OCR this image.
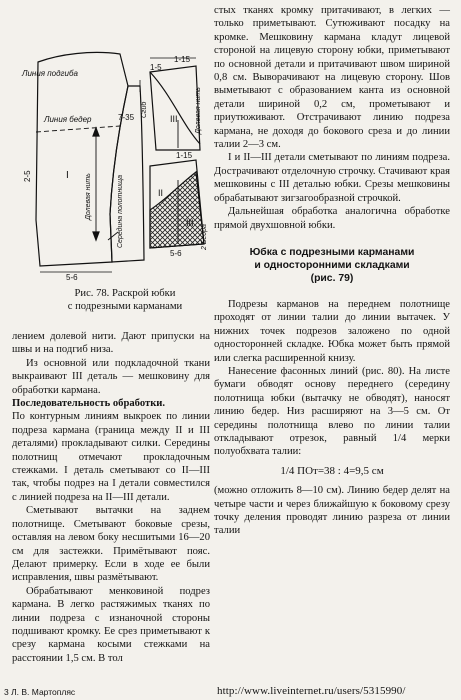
1-15
1-15
7-35
2-5
5-6
5-6
1-5
Линия подгиба
Линия бедер
Середина полотнища
I
III
II
III
Долевая нить
Долевая нить
Сгиб
2 Бедра
Рис. 78. Раскрой юбки
с подрезными карманами

лением долевой нити. Дают припуски на швы и на подгиб низа.

Из основной или подкладочной ткани выкраивают III деталь — мешковину для обработки кармана.

Последовательность обработки.

По контурным линиям выкроек по линии подреза кармана (граница между II и III деталями) прокладывают силки. Середины полотнищ отмечают прокладочным стежками. I деталь сметывают со II—III так, чтобы подрез на I детали совместился с линией подреза на II—III детали.

Сметывают вытачки на заднем полотнище. Сметывают боковые срезы, оставляя на левом боку несшитыми 16—20 см для застежки. Примётывают пояс. Делают примерку. Если в ходе ее были исправления, швы размётывают.

Обрабатывают менковиной подрез кармана. В легко растяжимых тканях по линии подреза с изнаночной стороны подшивают кромку. Ее срез приметывают к срезу кармана косыми стежками на расстоянии 1,5 см. В тол

стых тканях кромку притачивают, в легких — только приметывают. Сутюживают посадку на кромке. Мешковину кармана кладут лицевой стороной на лицевую сторону юбки, приметывают по основной детали и притачивают швом шириной 0,8 см. Выворачивают на лицевую сторону. Шов выметывают с образованием канта из основной детали шириной 0,2 см, прометывают и приутюживают. Отстрачивают линию подреза кармана, не доходя до бокового среза и до линии талии 2—3 см.

I и II—III детали сметывают по линиям подреза. Дострачивают отделочную строчку. Стачивают края мешковины с III деталью юбки. Срезы мешковины обрабатывают зигзагообразной строчкой.

Дальнейшая обработка аналогична обработке прямой двухшовной юбки.

Юбка с подрезными карманами
и односторонними складками
(рис. 79)

Подрезы карманов на переднем полотнище проходят от линии талии до линии вытачек. У нижних точек подрезов заложено по одной односторонней складке. Юбка может быть прямой или слегка расширенной книзу.

Нанесение фасонных линий (рис. 80). На листе бумаги обводят основу переднего (середину полотнища юбки (вытачку не обводят), наносят линию бедер. Низ расширяют на 3—5 см. От середины полотнища влево по линии талии откладывают отрезок, равный 1/4 мерки полуобхвата талии:

1/4 ПОт=38 : 4=9,5 см

(можно отложить 8—10 см). Линию бедер делят на четыре части и через ближайшую к боковому срезу точку деления проводят линию разреза от линии талии

3 Л. В. Мартопляс	http://www.liveinternet.ru/users/5315990/
